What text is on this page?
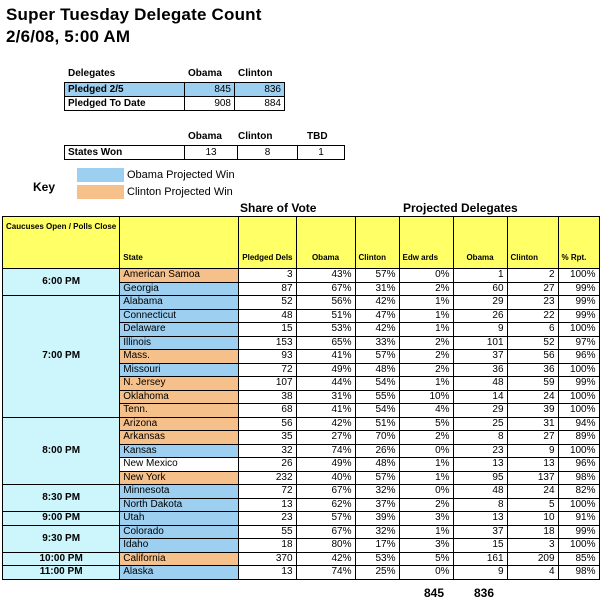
Super Tuesday Delegate Count
2/6/08, 5:00 AM
Delegates	Obama Clinton
Pledged 2/5	845	836
Pledged To Date	908	884
Obama Clinton	TBD
States Won	13	8	1
Key
Obama Projected Win
Clinton Projected Win
Share of Vote	Projected Delegates
Caucuses Open / Polls Close	State	Pledged Dels	Obama	Clinton	Edw ards	Obama	Clinton	% Rpt.
6:00 PM	American Samoa	3	43%	57%	0%	1	2	100%
	Georgia	87	67%	31%	2%	60	27	99%
7:00 PM	Alabama	52	56%	42%	1%	29	23	99%
	Connecticut	48	51%	47%	1%	26	22	99%
	Delaware	15	53%	42%	1%	9	6	100%
	Illinois	153	65%	33%	2%	101	52	97%
	Mass.	93	41%	57%	2%	37	56	96%
	Missouri	72	49%	48%	2%	36	36	100%
	N. Jersey	107	44%	54%	1%	48	59	99%
	Oklahoma	38	31%	55%	10%	14	24	100%
	Tenn.	68	41%	54%	4%	29	39	100%
8:00 PM	Arizona	56	42%	51%	5%	25	31	94%
	Arkansas	35	27%	70%	2%	8	27	89%
	Kansas	32	74%	26%	0%	23	9	100%
	New Mexico	26	49%	48%	1%	13	13	96%
	New York	232	40%	57%	1%	95	137	98%
8:30 PM	Minnesota	72	67%	32%	0%	48	24	82%
	North Dakota	13	62%	37%	2%	8	5	100%
9:00 PM	Utah	23	57%	39%	3%	13	10	91%
9:30 PM	Colorado	55	67%	32%	1%	37	18	99%
	Idaho	18	80%	17%	3%	15	3	100%
10:00 PM	California	370	42%	53%	5%	161	209	85%
11:00 PM	Alaska	13	74%	25%	0%	9	4	98%
845 836
